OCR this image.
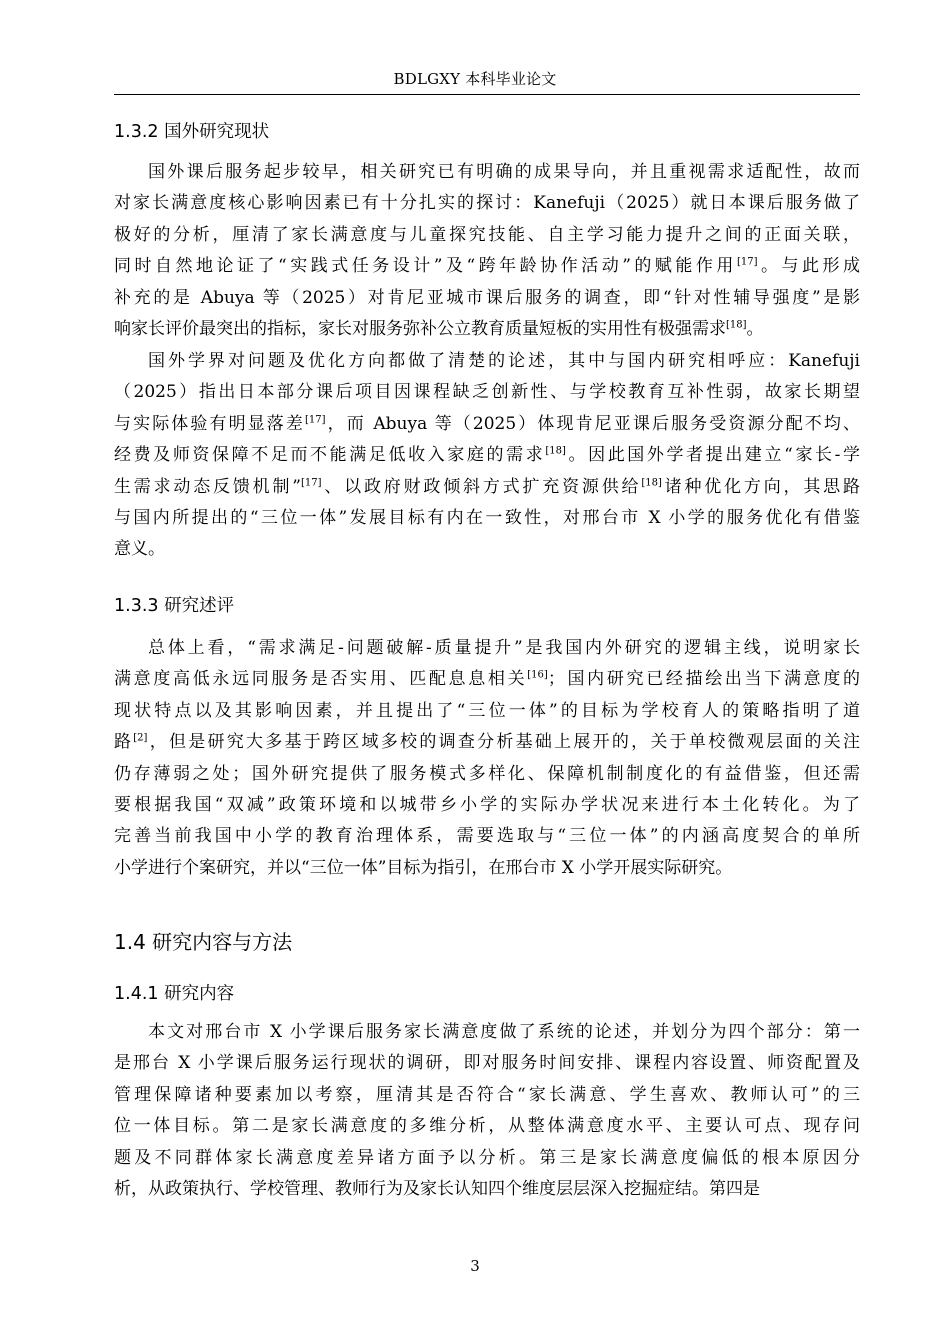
BDLGXY 本科毕业论文
1.3.2 国外研究现状
国外课后服务起步较早，相关研究已有明确的成果导向，并且重视需求适配性，故而
对家长满意度核心影响因素已有十分扎实的探讨：Kanefuji（2025）就日本课后服务做了
极好的分析，厘清了家长满意度与儿童探究技能、自主学习能力提升之间的正面关联，
同时自然地论证了“实践式任务设计”及“跨年龄协作活动”的赋能作用[17]。与此形成
补充的是 Abuya 等（2025）对肯尼亚城市课后服务的调查，即“针对性辅导强度”是影
响家长评价最突出的指标，家长对服务弥补公立教育质量短板的实用性有极强需求[18]。
国外学界对问题及优化方向都做了清楚的论述，其中与国内研究相呼应：Kanefuji
（2025）指出日本部分课后项目因课程缺乏创新性、与学校教育互补性弱，故家长期望
与实际体验有明显落差[17]，而 Abuya 等（2025）体现肯尼亚课后服务受资源分配不均、
经费及师资保障不足而不能满足低收入家庭的需求[18]。因此国外学者提出建立“家长-学
生需求动态反馈机制”[17]、以政府财政倾斜方式扩充资源供给[18]诸种优化方向，其思路
与国内所提出的“三位一体”发展目标有内在一致性，对邢台市 X 小学的服务优化有借鉴
意义。
1.3.3 研究述评
总体上看，“需求满足-问题破解-质量提升”是我国内外研究的逻辑主线，说明家长
满意度高低永远同服务是否实用、匹配息息相关[16]；国内研究已经描绘出当下满意度的
现状特点以及其影响因素，并且提出了“三位一体”的目标为学校育人的策略指明了道
路[2]，但是研究大多基于跨区域多校的调查分析基础上展开的，关于单校微观层面的关注
仍存薄弱之处；国外研究提供了服务模式多样化、保障机制制度化的有益借鉴，但还需
要根据我国“双减”政策环境和以城带乡小学的实际办学状况来进行本土化转化。为了
完善当前我国中小学的教育治理体系，需要选取与“三位一体”的内涵高度契合的单所
小学进行个案研究，并以“三位一体”目标为指引，在邢台市 X 小学开展实际研究。
1.4 研究内容与方法
1.4.1 研究内容
本文对邢台市 X 小学课后服务家长满意度做了系统的论述，并划分为四个部分：第一
是邢台 X 小学课后服务运行现状的调研，即对服务时间安排、课程内容设置、师资配置及
管理保障诸种要素加以考察，厘清其是否符合“家长满意、学生喜欢、教师认可”的三
位一体目标。第二是家长满意度的多维分析，从整体满意度水平、主要认可点、现存问
题及不同群体家长满意度差异诸方面予以分析。第三是家长满意度偏低的根本原因分
析，从政策执行、学校管理、教师行为及家长认知四个维度层层深入挖掘症结。第四是
3
